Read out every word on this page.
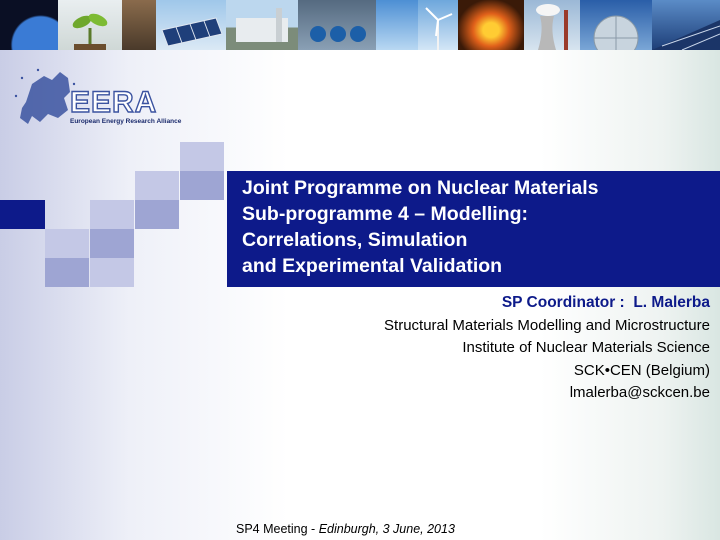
EERA
European Energy Research Alliance
Joint Programme on Nuclear Materials
Sub-programme 4 – Modelling:
Correlations, Simulation
and Experimental Validation
SP Coordinator : L. Malerba
Structural Materials Modelling and Microstructure
Institute of Nuclear Materials Science
SCK•CEN (Belgium)
lmalerba@sckcen.be
SP4 Meeting - Edinburgh, 3 June, 2013
